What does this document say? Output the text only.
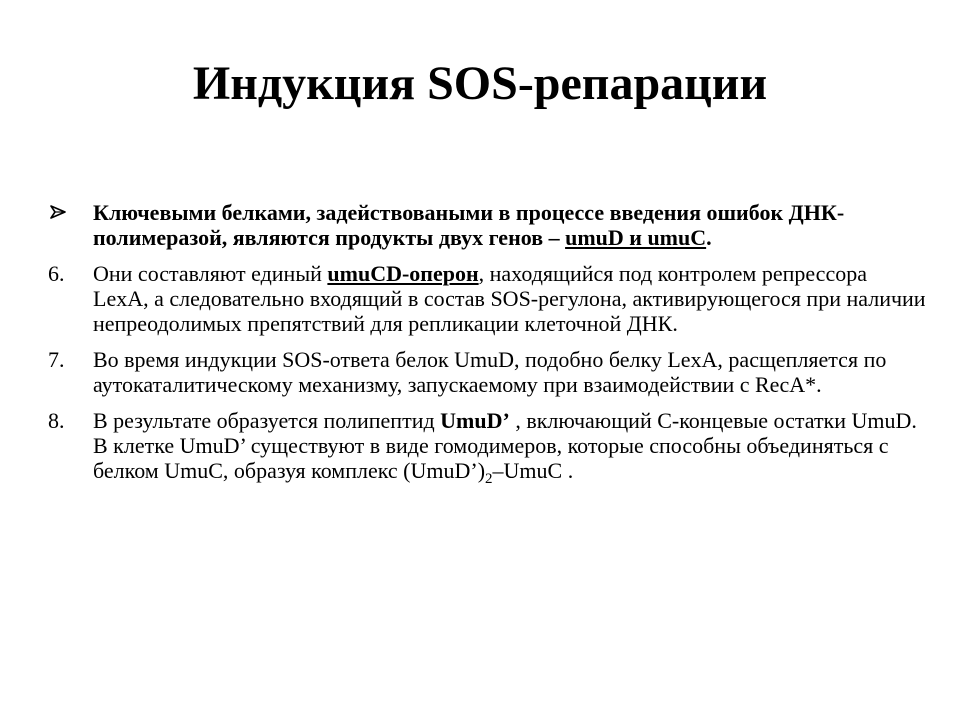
Индукция SOS-репарации
Ключевыми белками, задействоваными в процессе введения ошибок ДНК-полимеразой, являются продукты двух генов – umuD и umuC.
6.	Они составляют единый umuCD-оперон, находящийся под контролем репрессора LexA, а следовательно входящий в состав SOS-регулона, активирующегося при наличии непреодолимых препятствий для репликации клеточной ДНК.
7.	Во время индукции SOS-ответа белок UmuD, подобно белку LexA, расщепляется по аутокаталитическому механизму, запускаемому при взаимодействии с RecA*.
8.	В результате образуется полипептид UmuD’ , включающий С-концевые остатки UmuD. В клетке UmuD’ существуют в виде гомодимеров, которые способны объединяться с белком UmuC, образуя комплекс $(UmuD’)_2$–UmuC .
